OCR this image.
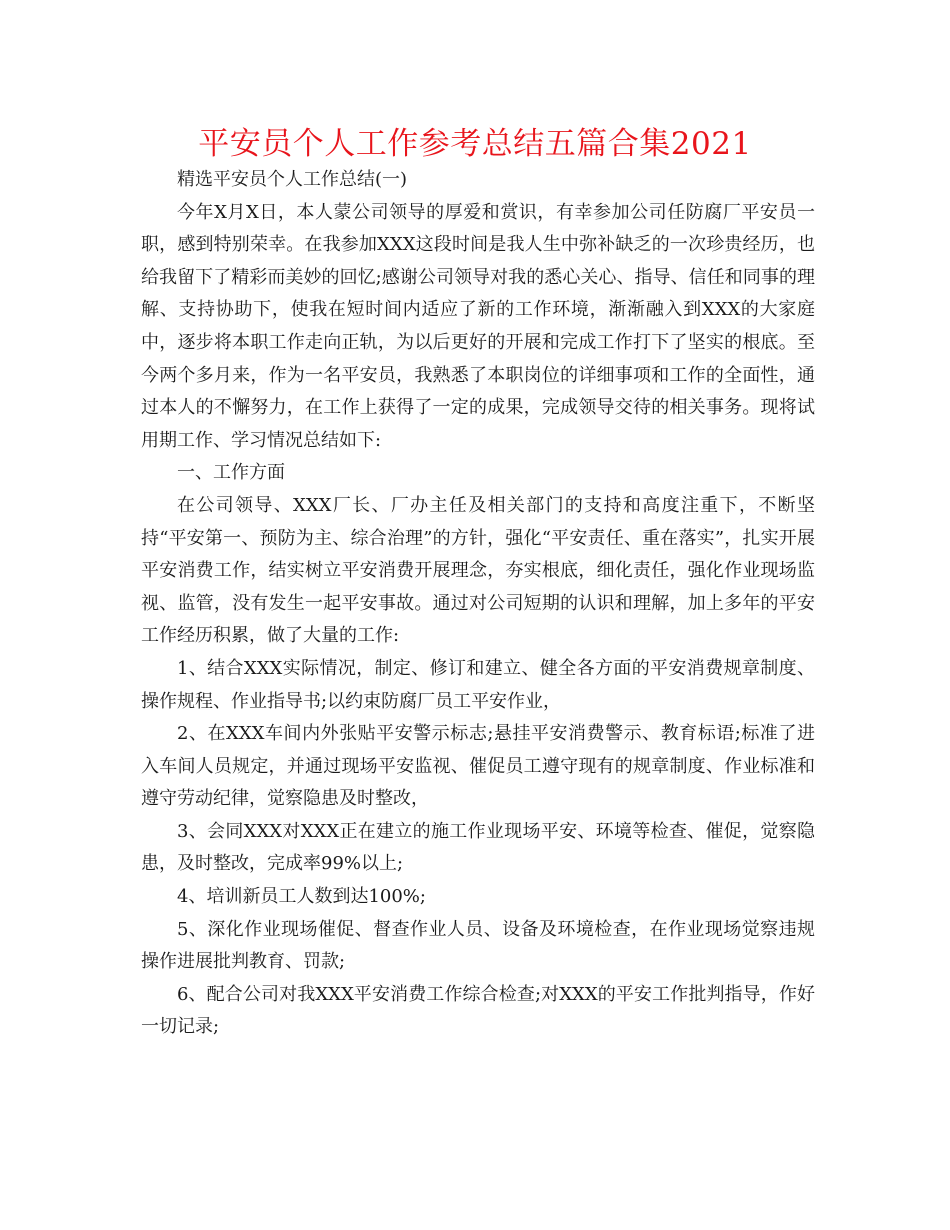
平安员个人工作参考总结五篇合集2021

精选平安员个人工作总结(一)

今年X月X日，本人蒙公司领导的厚爱和赏识，有幸参加公司任防腐厂平安员一职，感到特别荣幸。在我参加XXX这段时间是我人生中弥补缺乏的一次珍贵经历，也给我留下了精彩而美妙的回忆;感谢公司领导对我的悉心关心、指导、信任和同事的理解、支持协助下，使我在短时间内适应了新的工作环境，渐渐融入到XXX的大家庭中，逐步将本职工作走向正轨，为以后更好的开展和完成工作打下了坚实的根底。至今两个多月来，作为一名平安员，我熟悉了本职岗位的详细事项和工作的全面性，通过本人的不懈努力，在工作上获得了一定的成果，完成领导交待的相关事务。现将试用期工作、学习情况总结如下:

一、工作方面

在公司领导、XXX厂长、厂办主任及相关部门的支持和高度注重下，不断坚持“平安第一、预防为主、综合治理”的方针，强化“平安责任、重在落实”，扎实开展平安消费工作，结实树立平安消费开展理念，夯实根底，细化责任，强化作业现场监视、监管，没有发生一起平安事故。通过对公司短期的认识和理解，加上多年的平安工作经历积累，做了大量的工作:

1、结合XXX实际情况，制定、修订和建立、健全各方面的平安消费规章制度、操作规程、作业指导书;以约束防腐厂员工平安作业，

2、在XXX车间内外张贴平安警示标志;悬挂平安消费警示、教育标语;标准了进入车间人员规定，并通过现场平安监视、催促员工遵守现有的规章制度、作业标准和遵守劳动纪律，觉察隐患及时整改，

3、会同XXX对XXX正在建立的施工作业现场平安、环境等检查、催促，觉察隐患，及时整改，完成率99%以上;

4、培训新员工人数到达100%;

5、深化作业现场催促、督查作业人员、设备及环境检查，在作业现场觉察违规操作进展批判教育、罚款;

6、配合公司对我XXX平安消费工作综合检查;对XXX的平安工作批判指导，作好一切记录;
